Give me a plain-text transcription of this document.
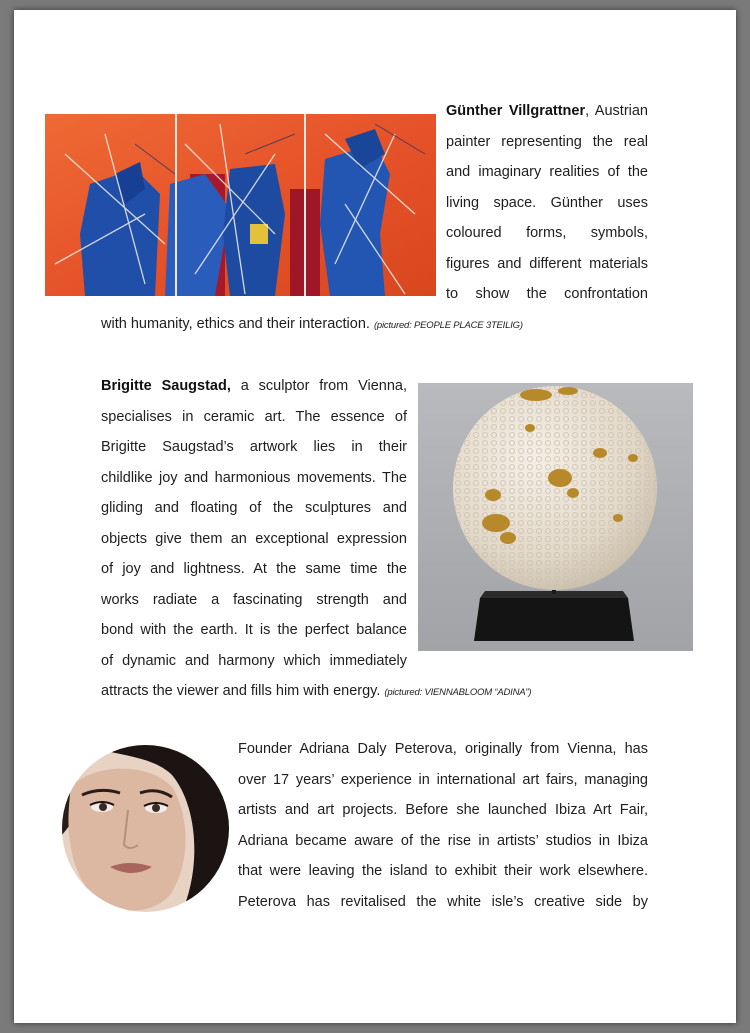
Günther Villgrattner, Austrian
painter representing the real
and imaginary realities of the
living space. Günther uses
coloured forms, symbols,
figures and different materials
to show the confrontation
with humanity, ethics and their interaction. (pictured: PEOPLE PLACE 3TEILIG)
Brigitte Saugstad, a sculptor from Vienna,
specialises in ceramic art. The essence of
Brigitte Saugstad’s artwork lies in their
childlike joy and harmonious movements. The
gliding and floating of the sculptures and
objects give them an exceptional expression
of joy and lightness. At the same time the
works radiate a fascinating strength and
bond with the earth. It is the perfect balance
of dynamic and harmony which immediately
attracts the viewer and fills him with energy. (pictured: VIENNABLOOM “ADINA”)
Founder Adriana Daly Peterova, originally from Vienna, has
over 17 years’ experience in international art fairs, managing
artists and art projects. Before she launched Ibiza Art Fair,
Adriana became aware of the rise in artists’ studios in Ibiza
that were leaving the island to exhibit their work elsewhere.
Peterova has revitalised the white isle’s creative side by
